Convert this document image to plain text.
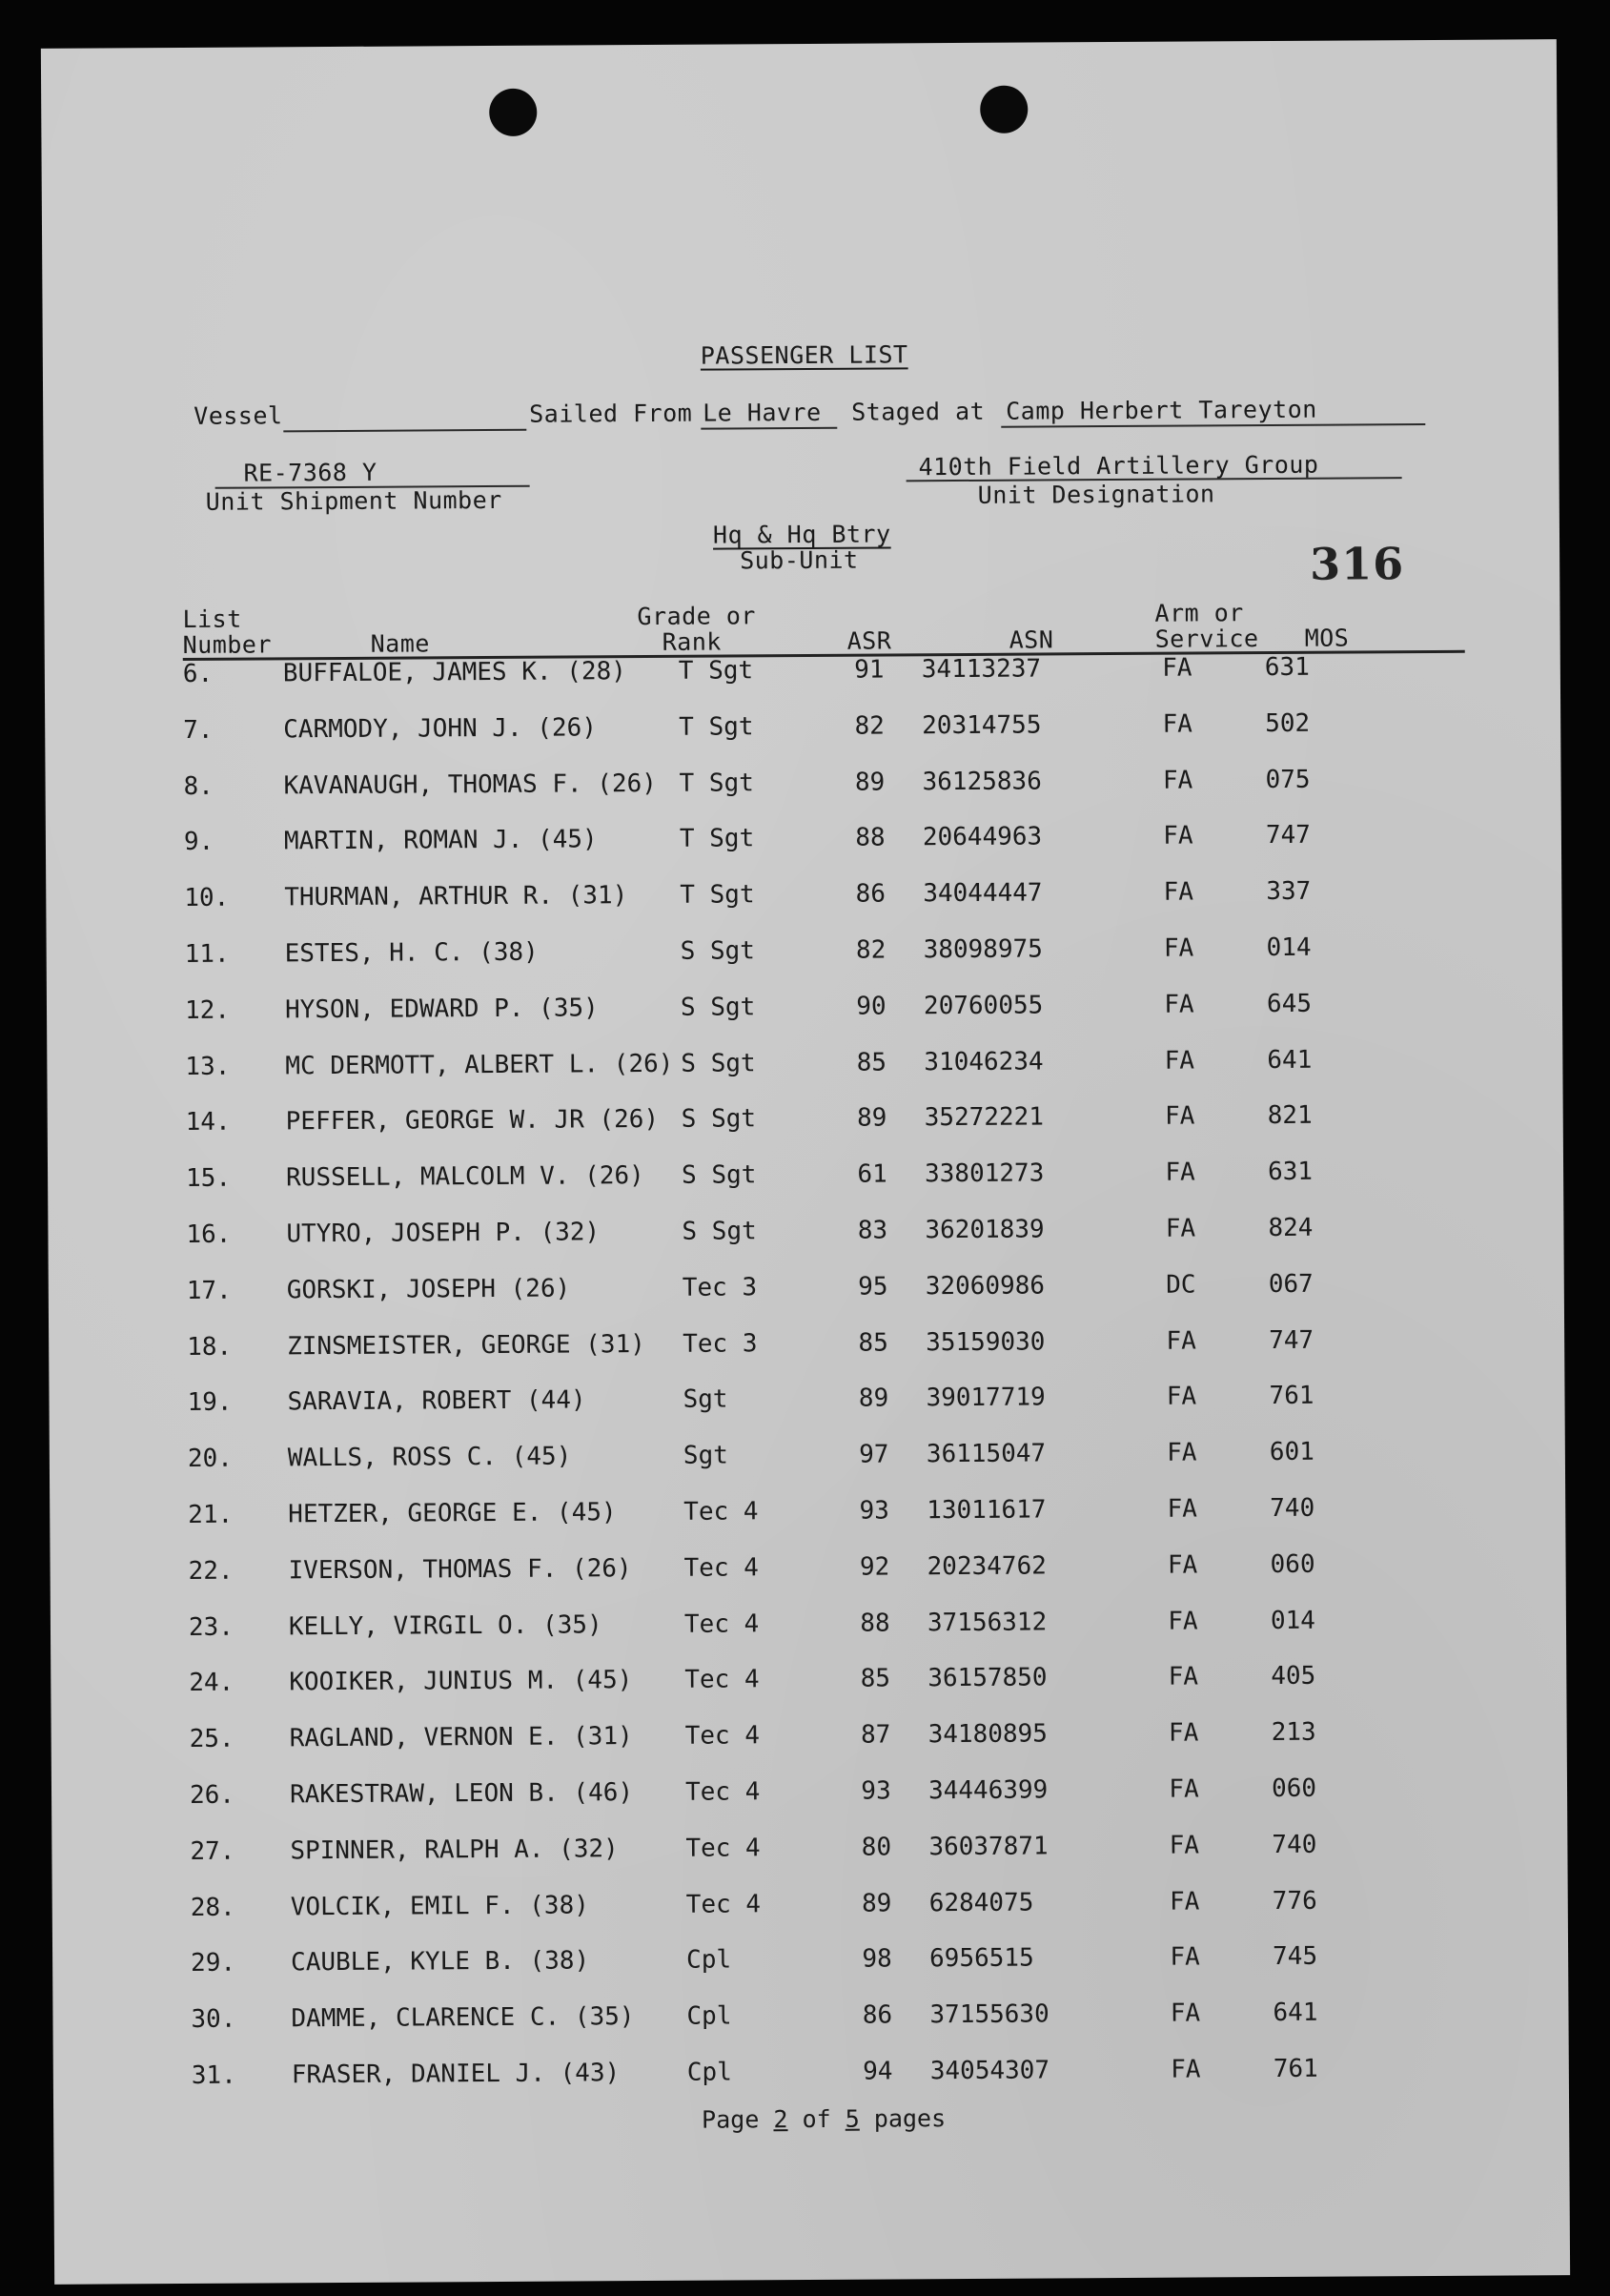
PASSENGER LIST
Vessel	Sailed From Le Havre Staged at Camp Herbert Tareyton
RE-7368 Y
Unit Shipment Number
410th Field Artillery Group
Unit Designation
Hq & Hq Btry
Sub-Unit	316
List
Number	Name
Grade or
Rank	ASR	ASN
Arm or
Service MOS
6.	BUFFALOE, JAMES K. (28) T Sgt	91	34113237	FA	631
7.	CARMODY, JOHN J. (26)	T Sgt	82	20314755	FA	502
8.	KAVANAUGH, THOMAS F. (26) T Sgt	89	36125836	FA	075
9.	MARTIN, ROMAN J. (45)	T Sgt	88	20644963	FA	747
10. THURMAN, ARTHUR R. (31) T Sgt	86	34044447	FA	337
11. ESTES, H. C. (38)	S Sgt	82	38098975	FA	014
12. HYSON, EDWARD P. (35)	S Sgt	90	20760055	FA	645
13. MC DERMOTT, ALBERT L. (26) S Sgt	85	31046234	FA	641
14. PEFFER, GEORGE W. JR (26) S Sgt	89	35272221	FA	821
15. RUSSELL, MALCOLM V. (26) S Sgt	61	33801273	FA	631
16. UTYRO, JOSEPH P. (32)	S Sgt	83	36201839	FA	824
17. GORSKI, JOSEPH (26)	Tec 3	95	32060986	DC	067
18. ZINSMEISTER, GEORGE (31) Tec 3	85	35159030	FA	747
19. SARAVIA, ROBERT (44)	Sgt	89	39017719	FA	761
20. WALLS, ROSS C. (45)	Sgt	97	36115047	FA	601
21. HETZER, GEORGE E. (45)	Tec 4	93	13011617	FA	740
22. IVERSON, THOMAS F. (26) Tec 4	92	20234762	FA	060
23. KELLY, VIRGIL O. (35)	Tec 4	88	37156312	FA	014
24. KOOIKER, JUNIUS M. (45) Tec 4	85	36157850	FA	405
25. RAGLAND, VERNON E. (31) Tec 4	87	34180895	FA	213
26. RAKESTRAW, LEON B. (46) Tec 4	93	34446399	FA	060
27. SPINNER, RALPH A. (32)	Tec 4	80	36037871	FA	740
28. VOLCIK, EMIL F. (38)	Tec 4	89	6284075	FA	776
29. CAUBLE, KYLE B. (38)	Cpl	98	6956515	FA	745
30. DAMME, CLARENCE C. (35) Cpl	86	37155630	FA	641
31. FRASER, DANIEL J. (43)	Cpl	94	34054307	FA	761
Page 2 of 5 pages
